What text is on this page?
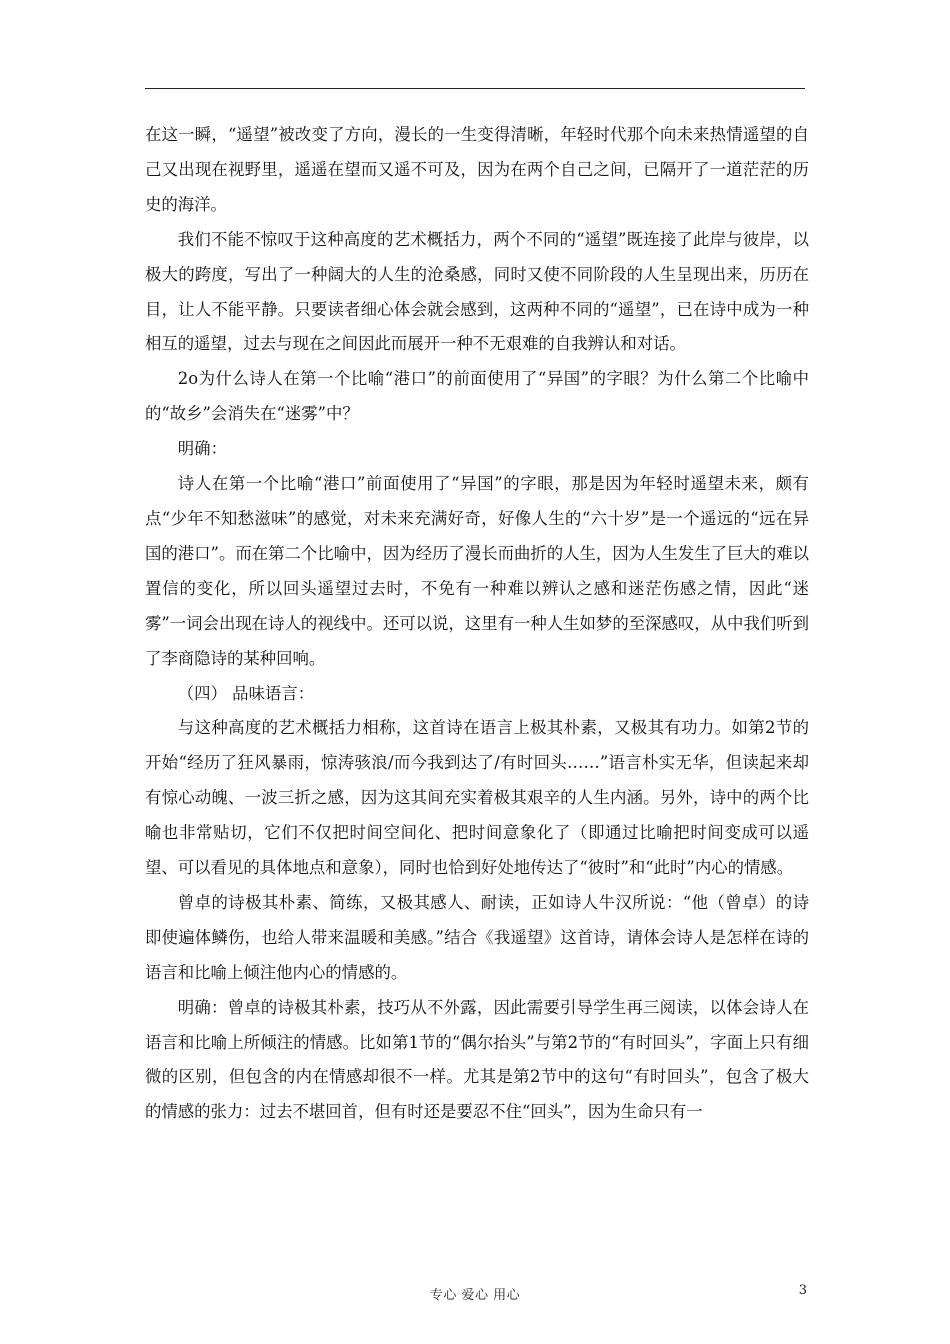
在这一瞬，“遥望”被改变了方向，漫长的一生变得清晰，年轻时代那个向未来热情遥望的自己又出现在视野里，遥遥在望而又遥不可及，因为在两个自己之间，已隔开了一道茫茫的历史的海洋。

我们不能不惊叹于这种高度的艺术概括力，两个不同的“遥望”既连接了此岸与彼岸，以极大的跨度，写出了一种阔大的人生的沧桑感，同时又使不同阶段的人生呈现出来，历历在目，让人不能平静。只要读者细心体会就会感到，这两种不同的“遥望”，已在诗中成为一种相互的遥望，过去与现在之间因此而展开一种不无艰难的自我辨认和对话。

2o为什么诗人在第一个比喻“港口”的前面使用了“异国”的字眼？为什么第二个比喻中的“故乡”会消失在“迷雾”中？

明确：

诗人在第一个比喻“港口”前面使用了“异国”的字眼，那是因为年轻时遥望未来，颇有点“少年不知愁滋味”的感觉，对未来充满好奇，好像人生的“六十岁”是一个遥远的“远在异国的港口”。而在第二个比喻中，因为经历了漫长而曲折的人生，因为人生发生了巨大的难以置信的变化，所以回头遥望过去时，不免有一种难以辨认之感和迷茫伤感之情，因此“迷雾”一词会出现在诗人的视线中。还可以说，这里有一种人生如梦的至深感叹，从中我们听到了李商隐诗的某种回响。

（四） 品味语言：

与这种高度的艺术概括力相称，这首诗在语言上极其朴素，又极其有功力。如第2节的开始“经历了狂风暴雨，惊涛骇浪/而今我到达了/有时回头……”语言朴实无华，但读起来却有惊心动魄、一波三折之感，因为这其间充实着极其艰辛的人生内涵。另外，诗中的两个比喻也非常贴切，它们不仅把时间空间化、把时间意象化了（即通过比喻把时间变成可以遥望、可以看见的具体地点和意象），同时也恰到好处地传达了“彼时”和“此时”内心的情感。

曾卓的诗极其朴素、简练，又极其感人、耐读，正如诗人牛汉所说：“他（曾卓）的诗即使遍体鳞伤，也给人带来温暖和美感。”结合《我遥望》这首诗，请体会诗人是怎样在诗的语言和比喻上倾注他内心的情感的。

明确：曾卓的诗极其朴素，技巧从不外露，因此需要引导学生再三阅读，以体会诗人在语言和比喻上所倾注的情感。比如第1节的“偶尔抬头”与第2节的“有时回头”，字面上只有细微的区别，但包含的内在情感却很不一样。尤其是第2节中的这句“有时回头”，包含了极大的情感的张力：过去不堪回首，但有时还是要忍不住“回头”，因为生命只有一

专心 爱心 用心	3
